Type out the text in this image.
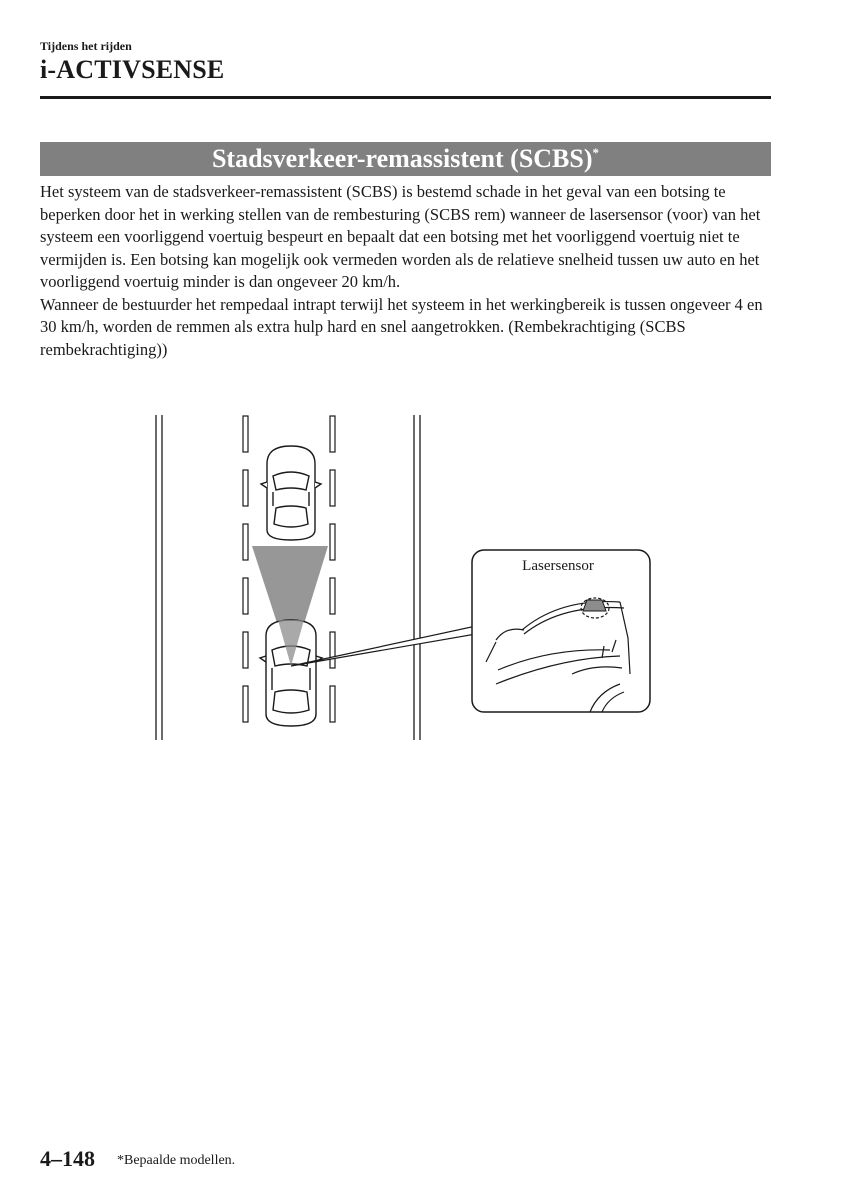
Tijdens het rijden
i-ACTIVSENSE
Stadsverkeer-remassistent (SCBS)*

Het systeem van de stadsverkeer-remassistent (SCBS) is bestemd schade in het geval van een botsing te beperken door het in werking stellen van de rembesturing (SCBS rem) wanneer de lasersensor (voor) van het systeem een voorliggend voertuig bespeurt en bepaalt dat een botsing met het voorliggend voertuig niet te vermijden is. Een botsing kan mogelijk ook vermeden worden als de relatieve snelheid tussen uw auto en het voorliggend voertuig minder is dan ongeveer 20 km/h.

Wanneer de bestuurder het rempedaal intrapt terwijl het systeem in het werkingbereik is tussen ongeveer 4 en 30 km/h, worden de remmen als extra hulp hard en snel aangetrokken. (Rembekrachtiging (SCBS rembekrachtiging))

Lasersensor
4–148 *Bepaalde modellen.
